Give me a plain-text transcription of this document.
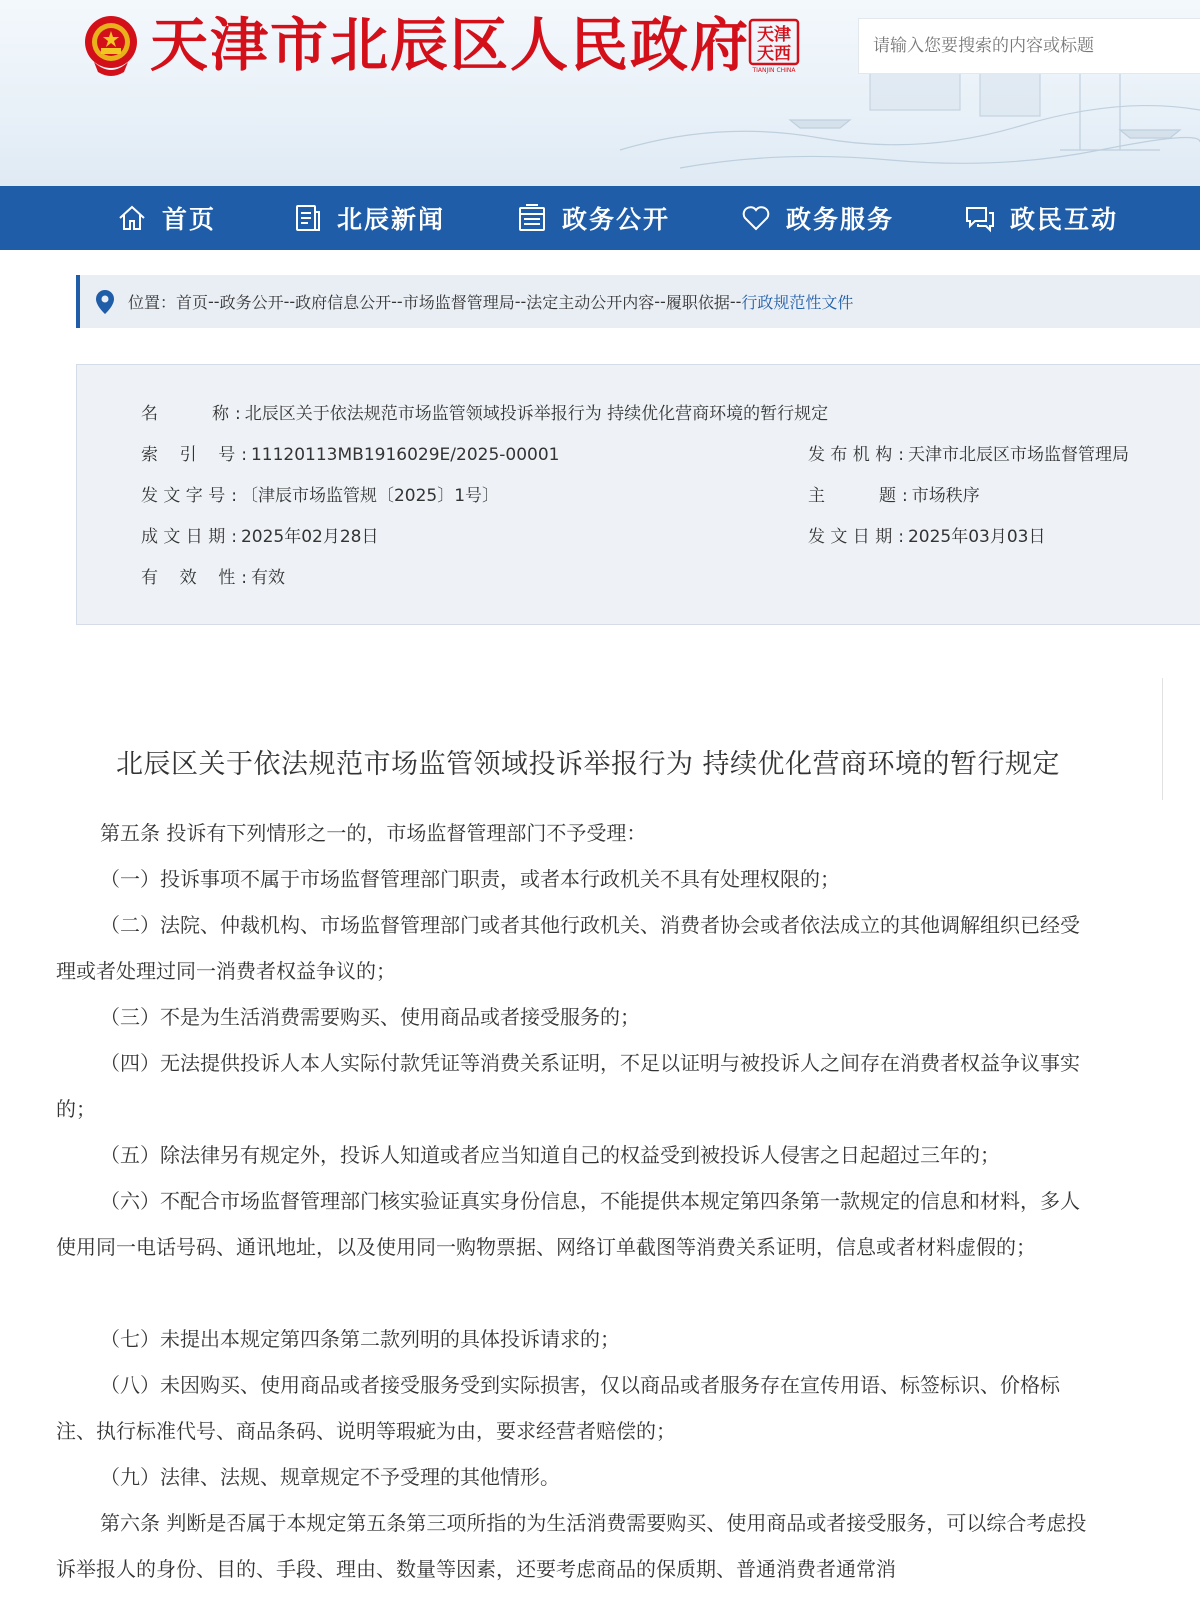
天津市北辰区人民政府 天津
天西
TIANJIN CHINA
请输入您要搜索的内容或标题
首页	北辰新闻	政务公开	政务服务	政民互动
位置： 首页 -- 政务公开 -- 政府信息公开 -- 市场监督管理局 -- 法定主动公开内容 -- 履职依据 -- 行政规范性文件
名          称 : 北辰区关于依法规范市场监管领域投诉举报行为 持续优化营商环境的暂行规定
索    引    号 : 11120113MB1916029E/2025-00001	发 布 机 构 : 天津市北辰区市场监督管理局
发 文 字 号 : 〔津辰市场监管规〔2025〕1号〕	主          题 : 市场秩序
成 文 日 期 : 2025年02月28日	发 文 日 期 : 2025年03月03日
有    效    性 : 有效
北辰区关于依法规范市场监管领域投诉举报行为 持续优化营商环境的暂行规定

第五条 投诉有下列情形之一的，市场监督管理部门不予受理：

（一）投诉事项不属于市场监督管理部门职责，或者本行政机关不具有处理权限的；

（二）法院、仲裁机构、市场监督管理部门或者其他行政机关、消费者协会或者依法成立的其他调解组织已经受理或者处理过同一消费者权益争议的；

（三）不是为生活消费需要购买、使用商品或者接受服务的；

（四）无法提供投诉人本人实际付款凭证等消费关系证明，不足以证明与被投诉人之间存在消费者权益争议事实的；

（五）除法律另有规定外，投诉人知道或者应当知道自己的权益受到被投诉人侵害之日起超过三年的；

（六）不配合市场监督管理部门核实验证真实身份信息，不能提供本规定第四条第一款规定的信息和材料，多人使用同一电话号码、通讯地址，以及使用同一购物票据、网络订单截图等消费关系证明，信息或者材料虚假的；

（七）未提出本规定第四条第二款列明的具体投诉请求的；

（八）未因购买、使用商品或者接受服务受到实际损害，仅以商品或者服务存在宣传用语、标签标识、价格标注、执行标准代号、商品条码、说明等瑕疵为由，要求经营者赔偿的；

（九）法律、法规、规章规定不予受理的其他情形。

第六条 判断是否属于本规定第五条第三项所指的为生活消费需要购买、使用商品或者接受服务，可以综合考虑投诉举报人的身份、目的、手段、理由、数量等因素，还要考虑商品的保质期、普通消费者通常消
